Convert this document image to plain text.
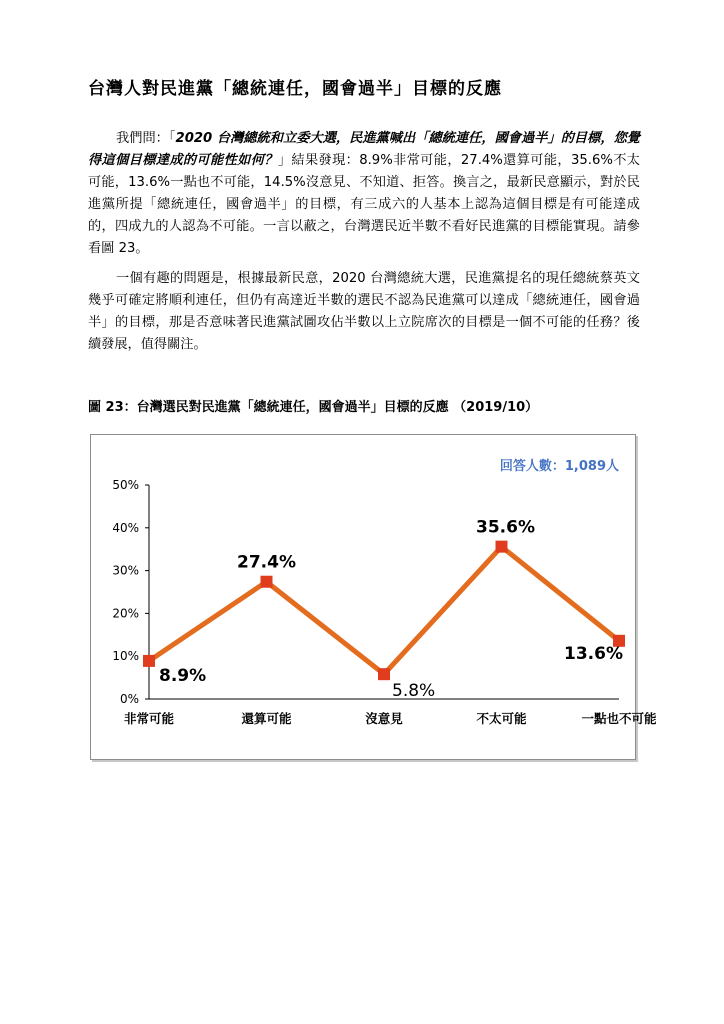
台灣人對民進黨「總統連任，國會過半」目標的反應
我們問：「2020 台灣總統和立委大選，民進黨喊出「總統連任，國會過半」的目標，您覺得這個目標達成的可能性如何？」結果發現：8.9%非常可能，27.4%還算可能，35.6%不太可能，13.6%一點也不可能，14.5%沒意見、不知道、拒答。換言之，最新民意顯示，對於民進黨所提「總統連任，國會過半」的目標，有三成六的人基本上認為這個目標是有可能達成的，四成九的人認為不可能。一言以蔽之，台灣選民近半數不看好民進黨的目標能實現。請參看圖 23。
一個有趣的問題是，根據最新民意，2020 台灣總統大選，民進黨提名的現任總統蔡英文幾乎可確定將順利連任，但仍有高達近半數的選民不認為民進黨可以達成「總統連任，國會過半」的目標，那是否意味著民進黨試圖攻佔半數以上立院席次的目標是一個不可能的任務？後續發展，值得關注。
圖 23：台灣選民對民進黨「總統連任，國會過半」目標的反應 （2019/10）
回答人數：1,089人
0%
10%
20%
30%
40%
50%
非常可能	還算可能	沒意見	不太可能	一點也不可能
8.9%
27.4%
5.8%
35.6%
13.6%
